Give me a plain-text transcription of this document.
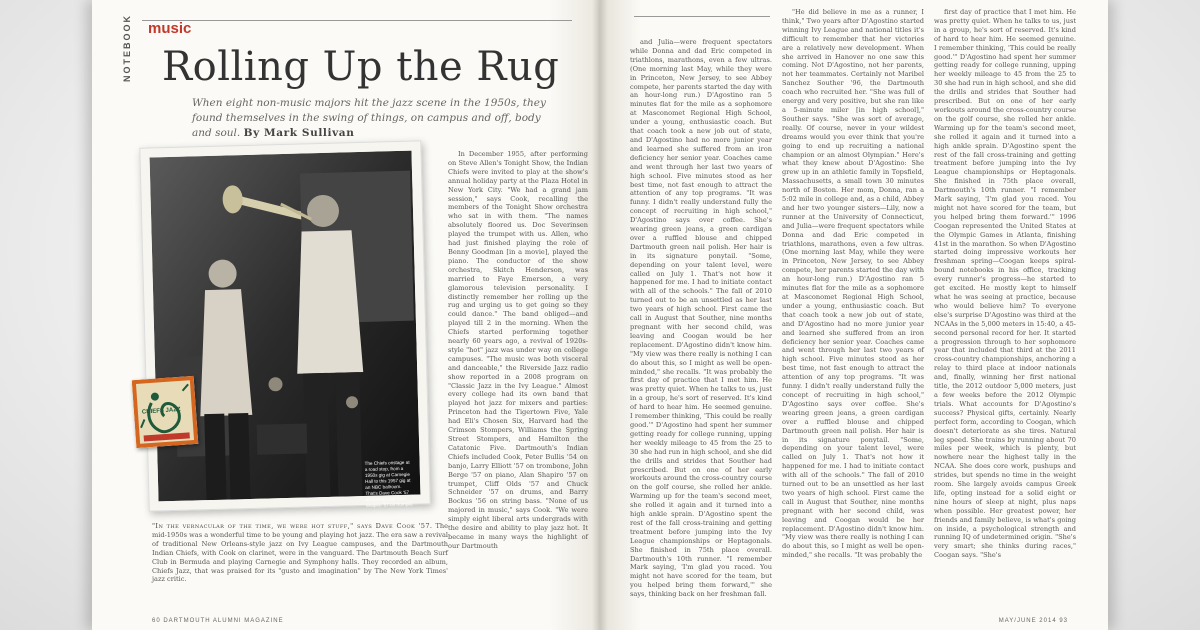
NOTEBOOK music
Rolling Up the Rug
When eight non-music majors hit the jazz scene in the 1950s, they found themselves in the swing of things, on campus and off, body and soul. By Mark Sullivan
The Chiefs onstage at a road stop, from a 1950s gig at Carnegie Hall to this 1957 gig at an NBC ballroom. That's Dave Cook '57 on clarinet and Alan Shapiro '57 on trumpet.
CHIEFS JAZZ

In December 1955, after performing on Steve Allen's Tonight Show, the Indian Chiefs were invited to play at the show's annual holiday party at the Plaza Hotel in New York City. "We had a grand jam session," says Cook, recalling the members of the Tonight Show orchestra who sat in with them. "The names absolutely floored us. Doc Severinsen played the trumpet with us. Allen, who had just finished playing the role of Benny Goodman [in a movie], played the piano. The conductor of the show orchestra, Skitch Henderson, was married to Faye Emerson, a very glamorous television personality. I distinctly remember her rolling up the rug and urging us to get going so they could dance." The band obliged—and played till 2 in the morning. When the Chiefs started performing together nearly 60 years ago, a revival of 1920s-style "hot" jazz was under way on college campuses. "The music was both visceral and danceable," the Riverside Jazz radio show reported in a 2008 program on "Classic Jazz in the Ivy League." Almost every college had its own band that played hot jazz for mixers and parties: Princeton had the Tigertown Five, Yale had Eli's Chosen Six, Harvard had the Crimson Stompers, Williams the Spring Street Stompers, and Hamilton the Catatonic Five. Dartmouth's Indian Chiefs included Cook, Peter Bullis '54 on banjo, Larry Elliott '57 on trombone, John Berge '57 on piano, Alan Shapiro '57 on trumpet, Cliff Olds '57 and Chuck Schneider '57 on drums, and Barry Bockus '56 on string bass. "None of us majored in music," says Cook. "We were simply eight liberal arts undergrads with the desire and ability to play jazz hot. It became in many ways the highlight of our Dartmouth

"In the vernacular of the time, we were hot stuff," says Dave Cook '57. The mid-1950s was a wonderful time to be young and playing hot jazz. The era saw a revival of traditional New Orleans-style jazz on Ivy League campuses, and the Dartmouth Indian Chiefs, with Cook on clarinet, were in the vanguard. The Dartmouth Beach Surf Club in Bermuda and playing Carnegie and Symphony halls. They recorded an album, Chiefs Jazz, that was praised for its "gusto and imagination" by The New York Times' jazz critic.
60 DARTMOUTH ALUMNI MAGAZINE

and Julia—were frequent spectators while Donna and dad Eric competed in triathlons, marathons, even a few ultras. (One morning last May, while they were in Princeton, New Jersey, to see Abbey compete, her parents started the day with an hour-long run.) D'Agostino ran 5 minutes flat for the mile as a sophomore at Masconomet Regional High School, under a young, enthusiastic coach. But that coach took a new job out of state, and D'Agostino had no more junior year and learned she suffered from an iron deficiency her senior year. Coaches came and went through her last two years of high school. Five minutes stood as her best time, not fast enough to attract the attention of any top programs. "It was funny. I didn't really understand fully the concept of recruiting in high school," D'Agostino says over coffee. She's wearing green jeans, a green cardigan over a ruffled blouse and chipped Dartmouth green nail polish. Her hair is in its signature ponytail. "Some, depending on your talent level, were called on July 1. That's not how it happened for me. I had to initiate contact with all of the schools." The fall of 2010 turned out to be an unsettled as her last two years of high school. First came the call in August that Souther, nine months pregnant with her second child, was leaving and Coogan would be her replacement. D'Agostino didn't know him. "My view was there really is nothing I can do about this, so I might as well be open-minded," she recalls. "It was probably the first day of practice that I met him. He was pretty quiet. When he talks to us, just in a group, he's sort of reserved. It's kind of hard to hear him. He seemed genuine. I remember thinking, 'This could be really good.'" D'Agostino had spent her summer getting ready for college running, upping her weekly mileage to 45 from the 25 to 30 she had run in high school, and she did the drills and strides that Souther had prescribed. But on one of her early workouts around the cross-country course on the golf course, she rolled her ankle. Warming up for the team's second meet, she rolled it again and it turned into a high ankle sprain. D'Agostino spent the rest of the fall cross-training and getting treatment before jumping into the Ivy League championships or Heptagonals. She finished in 75th place overall. Dartmouth's 10th runner. "I remember Mark saying, 'I'm glad you raced. You might not have scored for the team, but you helped bring them forward,'" she says, thinking back on her freshman fall.

"He did believe in me as a runner, I think," Two years after D'Agostino started winning Ivy League and national titles it's difficult to remember that her victories are a relatively new development. When she arrived in Hanover no one saw this coming. Not D'Agostino, not her parents, not her teammates. Certainly not Maribel Sanchez Souther '96, the Dartmouth coach who recruited her. "She was full of energy and very positive, but she ran like a 5-minute miler [in high school]," Souther says. "She was sort of average, really. Of course, never in your wildest dreams would you ever think that you're going to end up recruiting a national champion or an almost Olympian." Here's what they knew about D'Agostino: She grew up in an athletic family in Topsfield, Massachusetts, a small town 30 minutes north of Boston. Her mom, Donna, ran a 5:02 mile in college and, as a child, Abbey and her two younger sisters—Lily, now a runner at the University of Connecticut, and Julia—were frequent spectators while Donna and dad Eric competed in triathlons, marathons, even a few ultras. (One morning last May, while they were in Princeton, New Jersey, to see Abbey compete, her parents started the day with an hour-long run.) D'Agostino ran 5 minutes flat for the mile as a sophomore at Masconomet Regional High School, under a young, enthusiastic coach. But that coach took a new job out of state, and D'Agostino had no more junior year and learned she suffered from an iron deficiency her senior year. Coaches came and went through her last two years of high school. Five minutes stood as her best time, not fast enough to attract the attention of any top programs. "It was funny. I didn't really understand fully the concept of recruiting in high school," D'Agostino says over coffee. She's wearing green jeans, a green cardigan over a ruffled blouse and chipped Dartmouth green nail polish. Her hair is in its signature ponytail. "Some, depending on your talent level, were called on July 1. That's not how it happened for me. I had to initiate contact with all of the schools." The fall of 2010 turned out to be an unsettled as her last two years of high school. First came the call in August that Souther, nine months pregnant with her second child, was leaving and Coogan would be her replacement. D'Agostino didn't know him. "My view was there really is nothing I can do about this, so I might as well be open-minded," she recalls. "It was probably the

first day of practice that I met him. He was pretty quiet. When he talks to us, just in a group, he's sort of reserved. It's kind of hard to hear him. He seemed genuine. I remember thinking, 'This could be really good.'" D'Agostino had spent her summer getting ready for college running, upping her weekly mileage to 45 from the 25 to 30 she had run in high school, and she did the drills and strides that Souther had prescribed. But on one of her early workouts around the cross-country course on the golf course, she rolled her ankle. Warming up for the team's second meet, she rolled it again and it turned into a high ankle sprain. D'Agostino spent the rest of the fall cross-training and getting treatment before jumping into the Ivy League championships or Heptagonals. She finished in 75th place overall, Dartmouth's 10th runner. "I remember Mark saying, 'I'm glad you raced. You might not have scored for the team, but you helped bring them forward.'" 1996 Coogan represented the United States at the Olympic Games in Atlanta, finishing 41st in the marathon. So when D'Agostino started doing impressive workouts her freshman spring—Coogan keeps spiral-bound notebooks in his office, tracking every runner's progress—he started to get excited. He mostly kept to himself what he was seeing at practice, because who would believe him? To everyone else's surprise D'Agostino was third at the NCAAs in the 5,000 meters in 15:40, a 45-second personal record for her. It started a progression through to her sophomore year that included that third at the 2011 cross-country championships, anchoring a relay to third place at indoor nationals and, finally, winning her first national title, the 2012 outdoor 5,000 meters, just a few weeks before the 2012 Olympic trials. What accounts for D'Agostino's success? Physical gifts, certainly. Nearly perfect form, according to Coogan, which doesn't deteriorate as she tires. Natural leg speed. She trains by running about 70 miles per week, which is plenty, but nowhere near the highest tally in the NCAA. She does core work, pushups and strides, but spends no time in the weight room. She largely avoids campus Greek life, opting instead for a solid eight or nine hours of sleep at night, plus naps when possible. Her greatest power, her friends and family believe, is what's going on inside, a psychological strength and running IQ of undetermined origin. "She's very smart; she thinks during races," Coogan says. "She's

MAY/JUNE 2014 93
